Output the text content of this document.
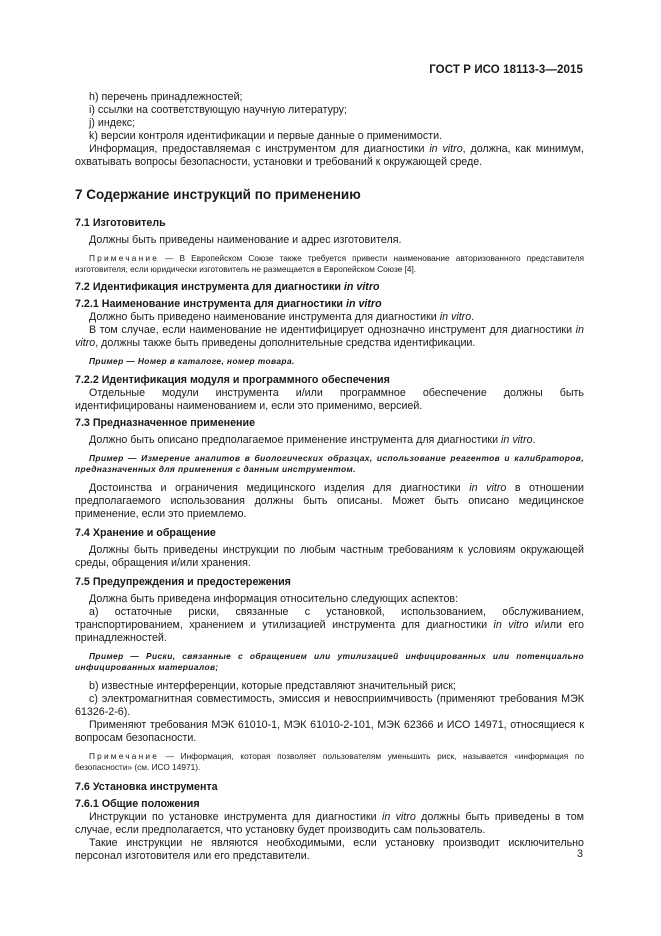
ГОСТ Р ИСО 18113-3—2015

h) перечень принадлежностей;

i) ссылки на соответствующую научную литературу;

j) индекс;

k) версии контроля идентификации и первые данные о применимости.

Информация, предоставляемая с инструментом для диагностики in vitro, должна, как минимум, охватывать вопросы безопасности, установки и требований к окружающей среде.

7 Содержание инструкций по применению

7.1 Изготовитель

Должны быть приведены наименование и адрес изготовителя.

Примечание — В Европейском Союзе также требуется привести наименование авторизованного представителя изготовителя, если юридически изготовитель не размещается в Европейском Союзе [4].

7.2 Идентификация инструмента для диагностики in vitro

7.2.1 Наименование инструмента для диагностики in vitro

Должно быть приведено наименование инструмента для диагностики in vitro.

В том случае, если наименование не идентифицирует однозначно инструмент для диагностики in vitro, должны также быть приведены дополнительные средства идентификации.

Пример — Номер в каталоге, номер товара.

7.2.2 Идентификация модуля и программного обеспечения

Отдельные модули инструмента и/или программное обеспечение должны быть идентифицированы наименованием и, если это применимо, версией.

7.3 Предназначенное применение

Должно быть описано предполагаемое применение инструмента для диагностики in vitro.

Пример — Измерение аналитов в биологических образцах, использование реагентов и калибраторов, предназначенных для применения с данным инструментом.

Достоинства и ограничения медицинского изделия для диагностики in vitro в отношении предполагаемого использования должны быть описаны. Может быть описано медицинское применение, если это приемлемо.

7.4 Хранение и обращение

Должны быть приведены инструкции по любым частным требованиям к условиям окружающей среды, обращения и/или хранения.

7.5 Предупреждения и предостережения

Должна быть приведена информация относительно следующих аспектов:

a) остаточные риски, связанные с установкой, использованием, обслуживанием, транспортированием, хранением и утилизацией инструмента для диагностики in vitro и/или его принадлежностей.

Пример — Риски, связанные с обращением или утилизацией инфицированных или потенциально инфицированных материалов;

b) известные интерференции, которые представляют значительный риск;

c) электромагнитная совместимость, эмиссия и невосприимчивость (применяют требования МЭК 61326-2-6).

Применяют требования МЭК 61010-1, МЭК 61010-2-101, МЭК 62366 и ИСО 14971, относящиеся к вопросам безопасности.

Примечание — Информация, которая позволяет пользователям уменьшить риск, называется «информация по безопасности» (см. ИСО 14971).

7.6 Установка инструмента

7.6.1 Общие положения

Инструкции по установке инструмента для диагностики in vitro должны быть приведены в том случае, если предполагается, что установку будет производить сам пользователь.

Такие инструкции не являются необходимыми, если установку производит исключительно персонал изготовителя или его представители.	3
